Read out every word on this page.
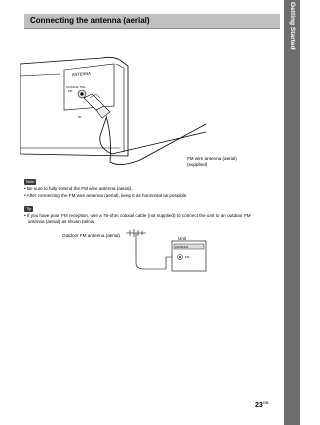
Getting Started
Connecting the antenna (aerial)
ANTENNA
COAXIAL 75Ω
FM
or
FM wire antenna (aerial)
(supplied)
Note
• Be sure to fully extend the FM wire antenna (aerial).
• After connecting the FM wire antenna (aerial), keep it as horizontal as possible.
Tip
• If you have poor FM reception, use a 75-ohm coaxial cable (not supplied) to connect the unit to an outdoor FM
antenna (aerial) as shown below.
ANTENNA
FM
Outdoor FM antenna (aerial)
Unit
$23^{GB}$
